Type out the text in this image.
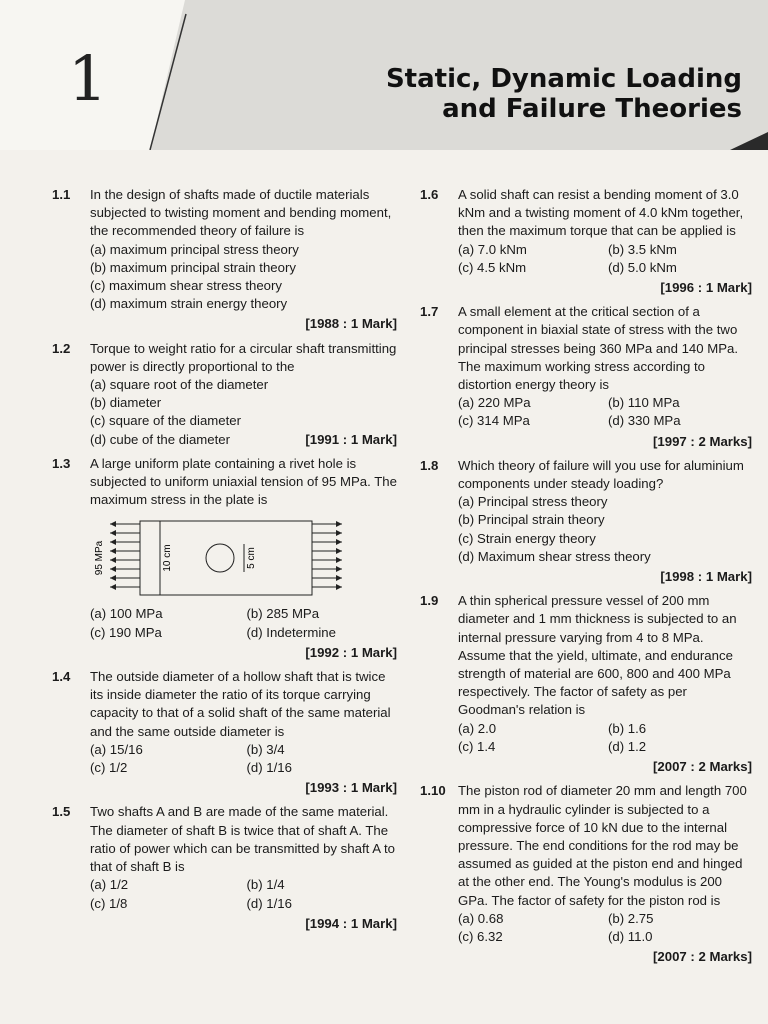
1	Static, Dynamic Loading
and Failure Theories
1.1 In the design of shafts made of ductile materials subjected to twisting moment and bending moment, the recommended theory of failure is
(a) maximum principal stress theory
(b) maximum principal strain theory
(c) maximum shear stress theory
(d) maximum strain energy theory
[1988 : 1 Mark]
1.2 Torque to weight ratio for a circular shaft transmitting power is directly proportional to the
(a) square root of the diameter
(b) diameter
(c) square of the diameter
(d) cube of the diameter	[1991 : 1 Mark]
1.3 A large uniform plate containing a rivet hole is subjected to uniform uniaxial tension of 95 MPa. The maximum stress in the plate is
95 MPa	10 cm	5 cm
(a) 100 MPa	(b) 285 MPa
(c) 190 MPa	(d) Indetermine
[1992 : 1 Mark]
1.4 The outside diameter of a hollow shaft that is twice its inside diameter the ratio of its torque carrying capacity to that of a solid shaft of the same material and the same outside diameter is
(a) 15/16	(b) 3/4
(c) 1/2	(d) 1/16
[1993 : 1 Mark]
1.5 Two shafts A and B are made of the same material. The diameter of shaft B is twice that of shaft A. The ratio of power which can be transmitted by shaft A to that of shaft B is
(a) 1/2	(b) 1/4
(c) 1/8	(d) 1/16
[1994 : 1 Mark]
1.6 A solid shaft can resist a bending moment of 3.0 kNm and a twisting moment of 4.0 kNm together, then the maximum torque that can be applied is
(a) 7.0 kNm	(b) 3.5 kNm
(c) 4.5 kNm	(d) 5.0 kNm
[1996 : 1 Mark]
1.7 A small element at the critical section of a component in biaxial state of stress with the two principal stresses being 360 MPa and 140 MPa. The maximum working stress according to distortion energy theory is
(a) 220 MPa	(b) 110 MPa
(c) 314 MPa	(d) 330 MPa
[1997 : 2 Marks]
1.8 Which theory of failure will you use for aluminium components under steady loading?
(a) Principal stress theory
(b) Principal strain theory
(c) Strain energy theory
(d) Maximum shear stress theory
[1998 : 1 Mark]
1.9 A thin spherical pressure vessel of 200 mm diameter and 1 mm thickness is subjected to an internal pressure varying from 4 to 8 MPa. Assume that the yield, ultimate, and endurance strength of material are 600, 800 and 400 MPa respectively. The factor of safety as per Goodman's relation is
(a) 2.0	(b) 1.6
(c) 1.4	(d) 1.2
[2007 : 2 Marks]
1.10 The piston rod of diameter 20 mm and length 700 mm in a hydraulic cylinder is subjected to a compressive force of 10 kN due to the internal pressure. The end conditions for the rod may be assumed as guided at the piston end and hinged at the other end. The Young's modulus is 200 GPa. The factor of safety for the piston rod is
(a) 0.68	(b) 2.75
(c) 6.32	(d) 11.0
[2007 : 2 Marks]
